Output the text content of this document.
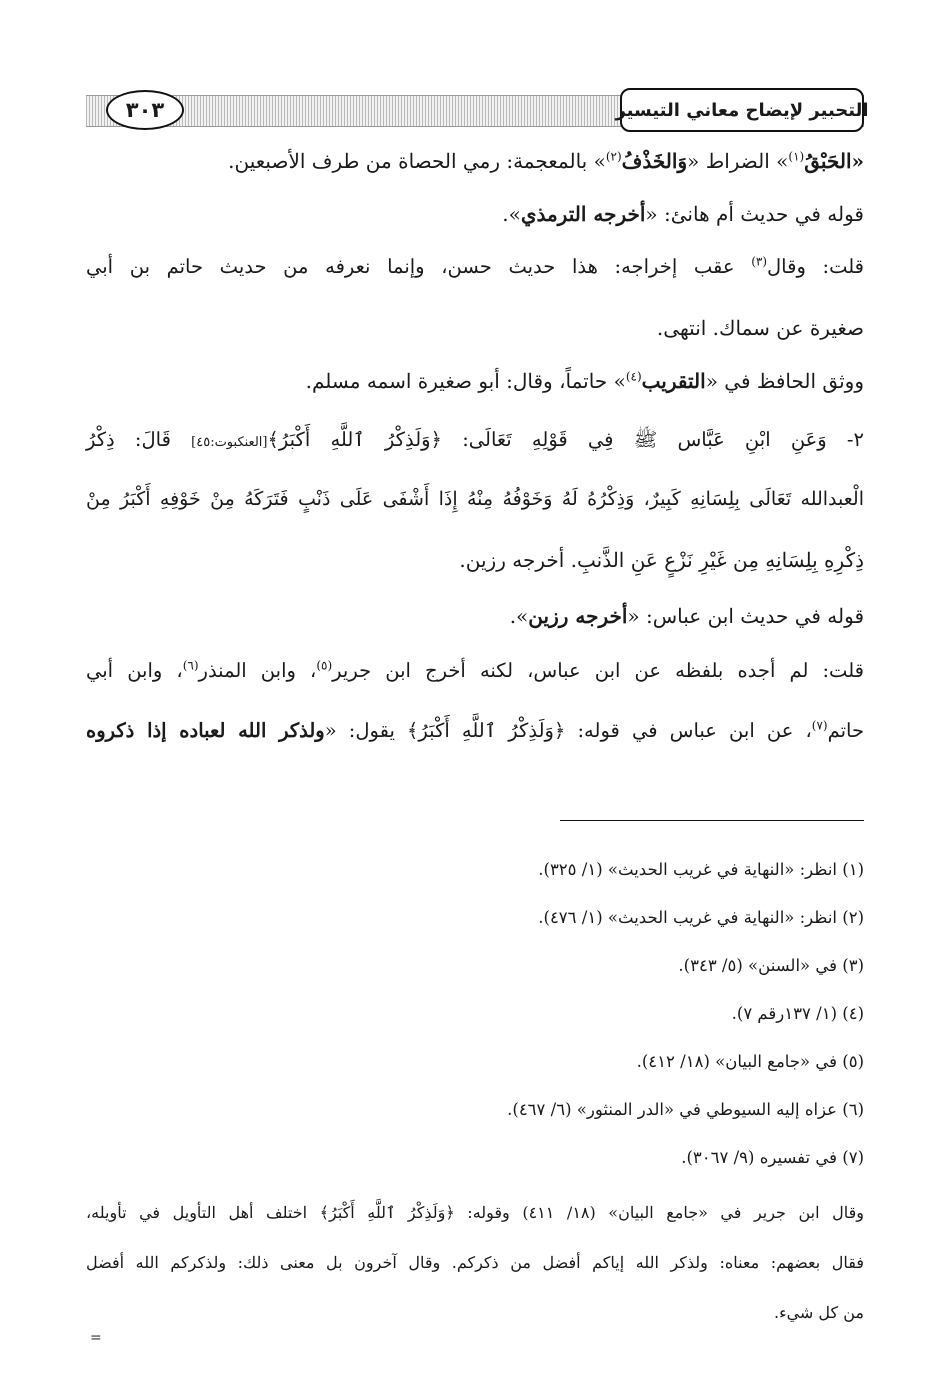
التحبير لإيضاح معاني التيسير
٣٠٣
«الحَبْقُ$^{(١)}$» الضراط «وَالخَذْفُ$^{(٢)}$» بالمعجمة: رمي الحصاة من طرف الأصبعين.
قوله في حديث أم هانئ: «أخرجه الترمذي».
قلت: وقال$^{(٣)}$ عقب إخراجه: هذا حديث حسن، وإنما نعرفه من حديث حاتم بن أبي
صغيرة عن سماك. انتهى.
ووثق الحافظ في «التقريب$^{(٤)}$» حاتماً، وقال: أبو صغيرة اسمه مسلم.
٢- وَعَنِ ابْنِ عَبَّاس ﷺ فِي قَوْلِهِ تَعَالَى: ﴿وَلَذِكْرُ ٱللَّهِ أَكْبَرُ﴾[العنكبوت:٤٥] قَالَ: ذِكْرُ
الْعبدالله تَعَالَى بِلِسَانِهِ كَبِيرٌ، وَذِكْرُهُ لَهُ وَخَوْفُهُ مِنْهُ إِذَا أَشْفَى عَلَى ذَنْبٍ فَتَرَكَهُ مِنْ خَوْفِهِ أَكْبَرُ مِنْ
ذِكْرِهِ بِلِسَانِهِ مِن غَيْرِ نَزْعٍ عَنِ الذَّنبِ. أخرجه رزين.
قوله في حديث ابن عباس: «أخرجه رزين».
قلت: لم أجده بلفظه عن ابن عباس، لكنه أخرج ابن جرير$^{(٥)}$، وابن المنذر$^{(٦)}$، وابن أبي
حاتم$^{(٧)}$، عن ابن عباس في قوله: ﴿وَلَذِكْرُ ٱللَّهِ أَكْبَرُ﴾ يقول: «ولذكر الله لعباده إذا ذكروه
(١) انظر: «النهاية في غريب الحديث» (١/ ٣٢٥).
(٢) انظر: «النهاية في غريب الحديث» (١/ ٤٧٦).
(٣) في «السنن» (٥/ ٣٤٣).
(٤) (١/ ١٣٧رقم ٧).
(٥) في «جامع البيان» (١٨/ ٤١٢).
(٦) عزاه إليه السيوطي في «الدر المنثور» (٦/ ٤٦٧).
(٧) في تفسيره (٩/ ٣٠٦٧).
وقال ابن جرير في «جامع البيان» (١٨/ ٤١١) وقوله: ﴿وَلَذِكْرُ ٱللَّهِ أَكْبَرُ﴾ اختلف أهل التأويل في تأويله،
فقال بعضهم: معناه: ولذكر الله إياكم أفضل من ذكركم. وقال آخرون بل معنى ذلك: ولذكركم الله أفضل
من كل شيء.
=
